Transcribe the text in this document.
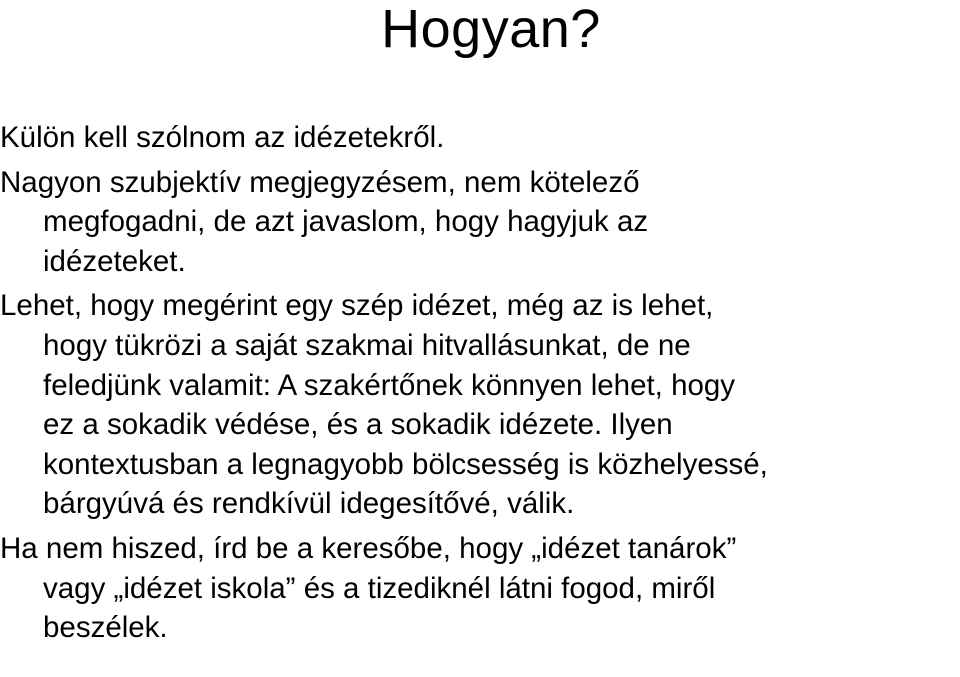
Hogyan?

Külön kell szólnom az idézetekről.

Nagyon szubjektív megjegyzésem, nem kötelező
megfogadni, de azt javaslom, hogy hagyjuk az
idézeteket.

Lehet, hogy megérint egy szép idézet, még az is lehet,
hogy tükrözi a saját szakmai hitvallásunkat, de ne
feledjünk valamit: A szakértőnek könnyen lehet, hogy
ez a sokadik védése, és a sokadik idézete. Ilyen
kontextusban a legnagyobb bölcsesség is közhelyessé,
bárgyúvá és rendkívül idegesítővé, válik.

Ha nem hiszed, írd be a keresőbe, hogy „idézet tanárok”
vagy „idézet iskola” és a tizediknél látni fogod, miről
beszélek.
